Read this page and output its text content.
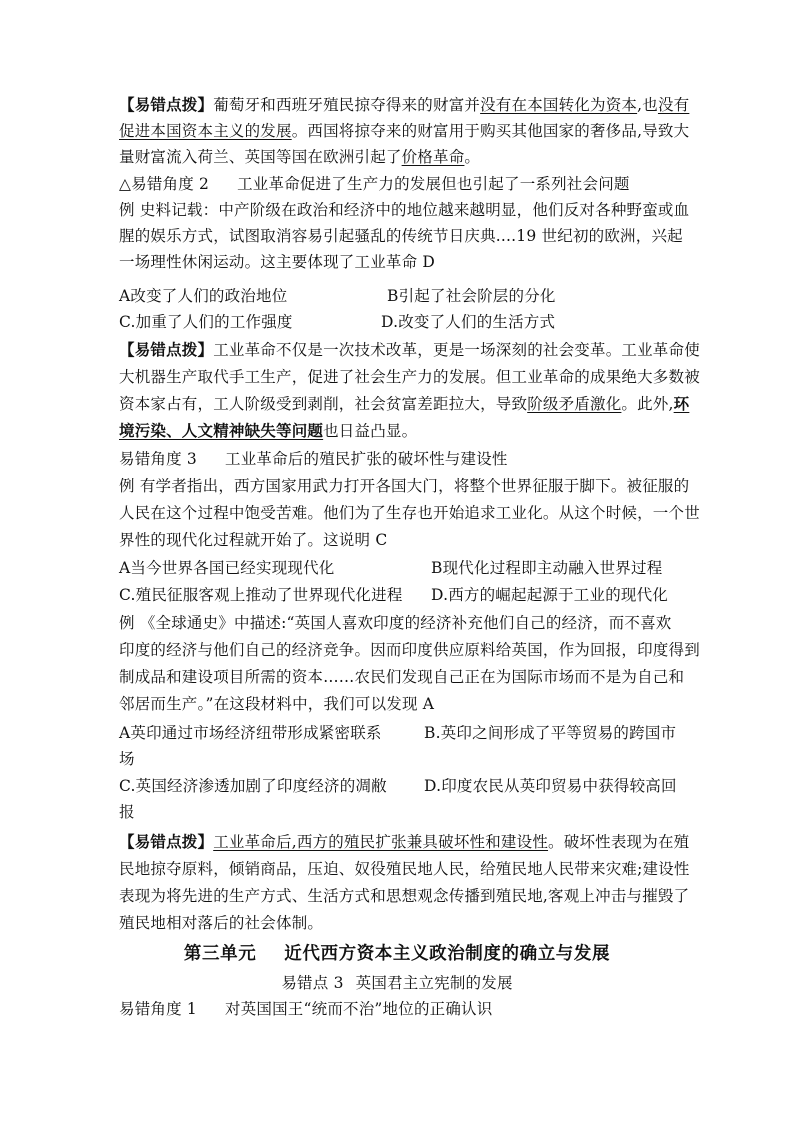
【易错点拨】葡萄牙和西班牙殖民掠夺得来的财富并没有在本国转化为资本,也没有
促进本国资本主义的发展。西国将掠夺来的财富用于购买其他国家的奢侈品,导致大
量财富流入荷兰、英国等国在欧洲引起了价格革命。
△易错角度 2 工业革命促进了生产力的发展但也引起了一系列社会问题
例 史料记载：中产阶级在政治和经济中的地位越来越明显，他们反对各种野蛮或血
腥的娱乐方式，试图取消容易引起骚乱的传统节日庆典....19 世纪初的欧洲，兴起
一场理性休闲运动。这主要体现了工业革命 D
A改变了人们的政治地位	B引起了社会阶层的分化
C.加重了人们的工作强度	D.改变了人们的生活方式
【易错点拨】工业革命不仅是一次技术改革，更是一场深刻的社会变革。工业革命使
大机器生产取代手工生产，促进了社会生产力的发展。但工业革命的成果绝大多数被
资本家占有，工人阶级受到剥削，社会贫富差距拉大，导致阶级矛盾激化。此外,环
境污染、人文精神缺失等问题也日益凸显。
易错角度 3 工业革命后的殖民扩张的破坏性与建设性
例 有学者指出，西方国家用武力打开各国大门，将整个世界征服于脚下。被征服的
人民在这个过程中饱受苦难。他们为了生存也开始追求工业化。从这个时候，一个世
界性的现代化过程就开始了。这说明 C
A当今世界各国已经实现现代化	B现代化过程即主动融入世界过程
C.殖民征服客观上推动了世界现代化进程 D.西方的崛起起源于工业的现代化
例 《全球通史》中描述:“英国人喜欢印度的经济补充他们自己的经济，而不喜欢
印度的经济与他们自己的经济竞争。因而印度供应原料给英国，作为回报，印度得到
制成品和建设项目所需的资本……农民们发现自己正在为国际市场而不是为自己和
邻居而生产。”在这段材料中，我们可以发现 A
A英印通过市场经济纽带形成紧密联系	B.英印之间形成了平等贸易的跨国市
场
C.英国经济渗透加剧了印度经济的凋敝 D.印度农民从英印贸易中获得较高回
报
【易错点拨】工业革命后,西方的殖民扩张兼具破坏性和建设性。破坏性表现为在殖
民地掠夺原料，倾销商品，压迫、奴役殖民地人民，给殖民地人民带来灾难;建设性
表现为将先进的生产方式、生活方式和思想观念传播到殖民地,客观上冲击与摧毁了
殖民地相对落后的社会体制。
第三单元 近代西方资本主义政治制度的确立与发展
易错点 3 英国君主立宪制的发展
易错角度 1 对英国国王“统而不治”地位的正确认识
